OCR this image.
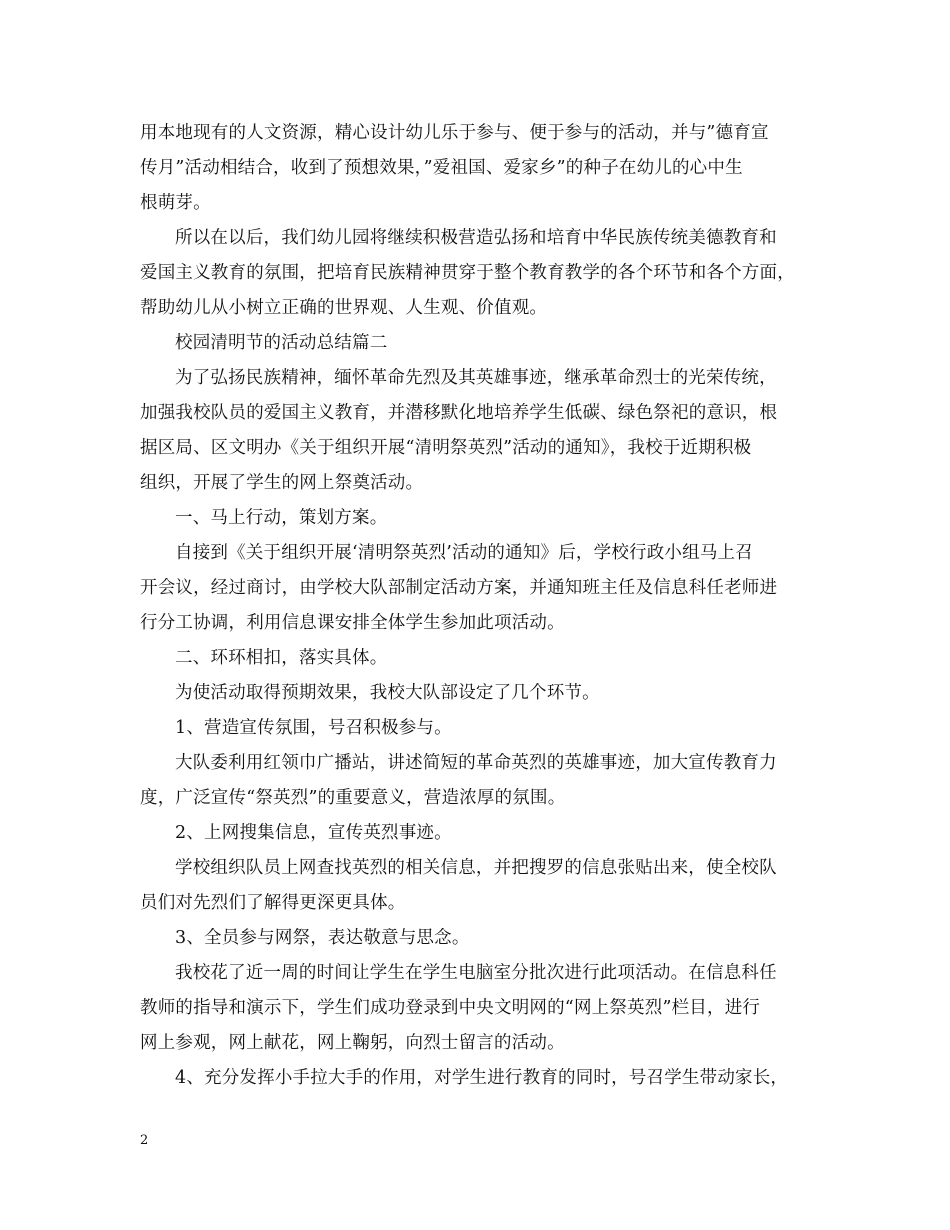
用本地现有的人文资源，精心设计幼儿乐于参与、便于参与的活动，并与”德育宣
传月”活动相结合，收到了预想效果，”爱祖国、爱家乡”的种子在幼儿的心中生
根萌芽。
所以在以后，我们幼儿园将继续积极营造弘扬和培育中华民族传统美德教育和
爱国主义教育的氛围，把培育民族精神贯穿于整个教育教学的各个环节和各个方面，
帮助幼儿从小树立正确的世界观、人生观、价值观。
校园清明节的活动总结篇二
为了弘扬民族精神，缅怀革命先烈及其英雄事迹，继承革命烈士的光荣传统，
加强我校队员的爱国主义教育，并潜移默化地培养学生低碳、绿色祭祀的意识，根
据区局、区文明办《关于组织开展“清明祭英烈”活动的通知》，我校于近期积极
组织，开展了学生的网上祭奠活动。
一、马上行动，策划方案。
自接到《关于组织开展‘清明祭英烈’活动的通知》后，学校行政小组马上召
开会议，经过商讨，由学校大队部制定活动方案，并通知班主任及信息科任老师进
行分工协调，利用信息课安排全体学生参加此项活动。
二、环环相扣，落实具体。
为使活动取得预期效果，我校大队部设定了几个环节。
1、营造宣传氛围，号召积极参与。
大队委利用红领巾广播站，讲述简短的革命英烈的英雄事迹，加大宣传教育力
度，广泛宣传“祭英烈”的重要意义，营造浓厚的氛围。
2、上网搜集信息，宣传英烈事迹。
学校组织队员上网查找英烈的相关信息，并把搜罗的信息张贴出来，使全校队
员们对先烈们了解得更深更具体。
3、全员参与网祭，表达敬意与思念。
我校花了近一周的时间让学生在学生电脑室分批次进行此项活动。在信息科任
教师的指导和演示下，学生们成功登录到中央文明网的“网上祭英烈”栏目，进行
网上参观，网上献花，网上鞠躬，向烈士留言的活动。
4、充分发挥小手拉大手的作用，对学生进行教育的同时，号召学生带动家长，
2
